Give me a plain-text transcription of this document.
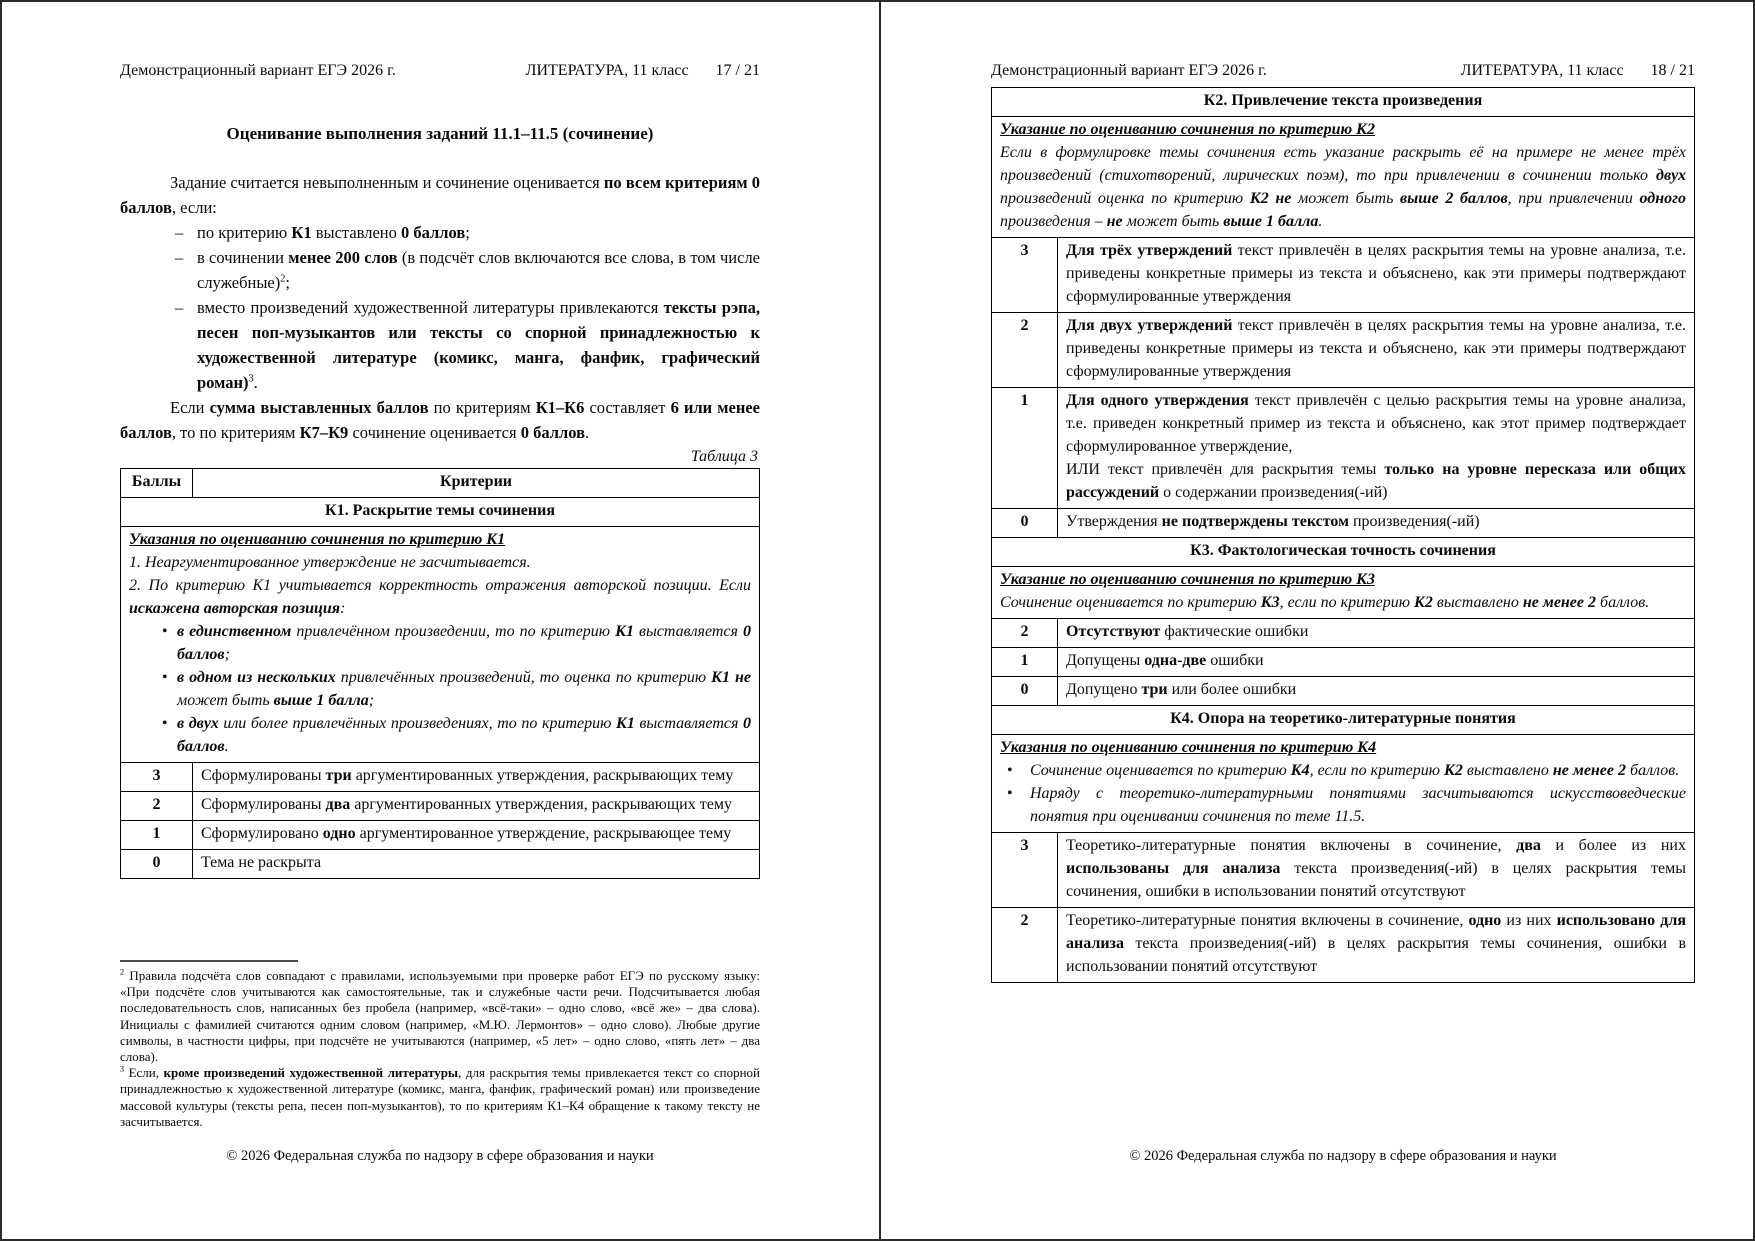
Демонстрационный вариант ЕГЭ 2026 г.	ЛИТЕРАТУРА, 11 класс 17 / 21
Оценивание выполнения заданий 11.1–11.5 (сочинение)
Задание считается невыполненным и сочинение оценивается по всем критериям 0 баллов, если:
– по критерию К1 выставлено 0 баллов;
– в сочинении менее 200 слов (в подсчёт слов включаются все слова, в том числе служебные)$^2$;
– вместо произведений художественной литературы привлекаются тексты рэпа, песен поп-музыкантов или тексты со спорной принадлежностью к художественной литературе (комикс, манга, фанфик, графический роман)$^3$.
Если сумма выставленных баллов по критериям К1–К6 составляет 6 или менее баллов, то по критериям К7–К9 сочинение оценивается 0 баллов.
Таблица 3
Баллы	Критерии
К1. Раскрытие темы сочинения	

Указания по оцениванию сочинения по критерию К1
1. Неаргументированное утверждение не засчитывается.
2. По критерию К1 учитывается корректность отражения авторской позиции. Если искажена авторская позиция:
• в единственном привлечённом произведении, то по критерию К1 выставляется 0 баллов;
• в одном из нескольких привлечённых произведений, то оценка по критерию К1 не может быть выше 1 балла;
• в двух или более привлечённых произведениях, то по критерию К1 выставляется 0 баллов.

3	Сформулированы три аргументированных утверждения, раскрывающих тему
2	Сформулированы два аргументированных утверждения, раскрывающих тему
1	Сформулировано одно аргументированное утверждение, раскрывающее тему
0	Тема не раскрыта
$^2$ Правила подсчёта слов совпадают с правилами, используемыми при проверке работ ЕГЭ по русскому языку: «При подсчёте слов учитываются как самостоятельные, так и служебные части речи. Подсчитывается любая последовательность слов, написанных без пробела (например, «всё-таки» – одно слово, «всё же» – два слова). Инициалы с фамилией считаются одним словом (например, «М.Ю. Лермонтов» – одно слово). Любые другие символы, в частности цифры, при подсчёте не учитываются (например, «5 лет» – одно слово, «пять лет» – два слова).
$^3$ Если, кроме произведений художественной литературы, для раскрытия темы привлекается текст со спорной принадлежностью к художественной литературе (комикс, манга, фанфик, графический роман) или произведение массовой культуры (тексты репа, песен поп-музыкантов), то по критериям К1–К4 обращение к такому тексту не засчитывается.
© 2026 Федеральная служба по надзору в сфере образования и науки
Демонстрационный вариант ЕГЭ 2026 г.	ЛИТЕРАТУРА, 11 класс 18 / 21
К2. Привлечение текста произведения	

Указание по оцениванию сочинения по критерию К2
Если в формулировке темы сочинения есть указание раскрыть её на примере не менее трёх произведений (стихотворений, лирических поэм), то при привлечении в сочинении только двух произведений оценка по критерию К2 не может быть выше 2 баллов, при привлечении одного произведения – не может быть выше 1 балла.	

3	Для трёх утверждений текст привлечён в целях раскрытия темы на уровне анализа, т.е. приведены конкретные примеры из текста и объяснено, как эти примеры подтверждают сформулированные утверждения
2	Для двух утверждений текст привлечён в целях раскрытия темы на уровне анализа, т.е. приведены конкретные примеры из текста и объяснено, как эти примеры подтверждают сформулированные утверждения
1	Для одного утверждения текст привлечён с целью раскрытия темы на уровне анализа, т.е. приведен конкретный пример из текста и объяснено, как этот пример подтверждает сформулированное утверждение,
ИЛИ текст привлечён для раскрытия темы только на уровне пересказа или общих рассуждений о содержании произведения(-ий)
0	Утверждения не подтверждены текстом произведения(-ий)
К3. Фактологическая точность сочинения	

Указание по оцениванию сочинения по критерию К3
Сочинение оценивается по критерию К3, если по критерию К2 выставлено не менее 2 баллов.	

2	Отсутствуют фактические ошибки
1	Допущены одна-две ошибки
0	Допущено три или более ошибки
К4. Опора на теоретико-литературные понятия	

Указания по оцениванию сочинения по критерию К4
• Сочинение оценивается по критерию К4, если по критерию К2 выставлено не менее 2 баллов.
• Наряду с теоретико-литературными понятиями засчитываются искусствоведческие понятия при оценивании сочинения по теме 11.5.

3	Теоретико-литературные понятия включены в сочинение, два и более из них использованы для анализа текста произведения(-ий) в целях раскрытия темы сочинения, ошибки в использовании понятий отсутствуют
2	Теоретико-литературные понятия включены в сочинение, одно из них использовано для анализа текста произведения(-ий) в целях раскрытия темы сочинения, ошибки в использовании понятий отсутствуют
© 2026 Федеральная служба по надзору в сфере образования и науки
